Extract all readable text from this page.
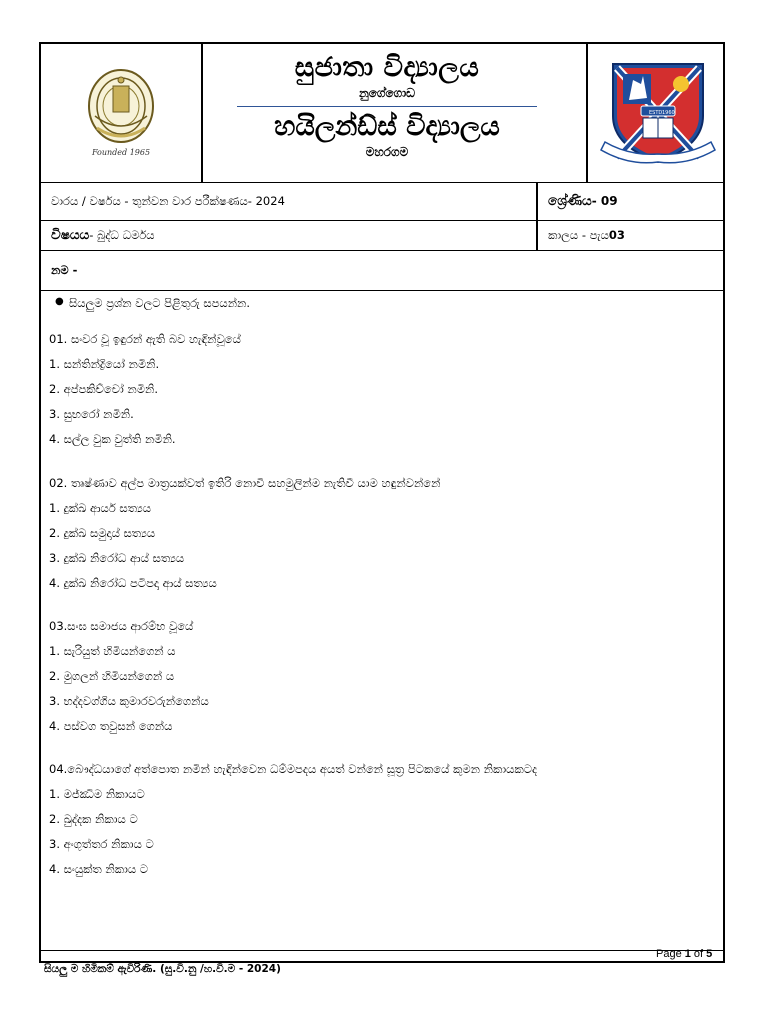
Founded 1965
සුජාතා විද්‍යාලය
නුගේගොඩ
හයිලන්ඩ්ස් විද්‍යාලය
මහරගම
ESTD 1960
වාරය / වර්ෂය - තුන්වන වාර පරීක්ෂණය- 2024	ශ්‍රේණිය - 09
විෂයය - බුද්ධ ධර්මය	කාලය - පැය 03
නම -
සියලුම ප්‍රශ්න වලට පිළිතුරු සපයන්න.
●
01. සංවර වූ ඉඳුරන් ඇති බව හැඳින්වූයේ
1. සන්තින්ද්‍රියෝ නමිනි.
2. අප්පකිච්චෝ නමිනි.
3. සුභරෝ නමිනි.
4. සල්ල වුක වුත්ති නමිනි.
02. තෘෂ්ණාව අල්ප මාත්‍රයක්වත් ඉතිරි නොවී සහමුලින්ම නැතිවී යාම හඳුන්වන්නේ
1. දුක්ඛ ආර්ය සත්‍යය
2. දුක්ඛ සමුදාය් සත්‍යය
3. දුක්ඛ නිරෝධ ආය් සත්‍යය
4. දුක්ඛ නිරෝධ පටිපදා ආය් සත්‍යය
03.සංඝ සමාජය ආරම්භ වූයේ
1. සැරියුත් හිමියන්ගෙන් ය
2. මුගලන් හිමියන්ගෙන් ය
3. භද්දවග්ගිය කුමාරවරුන්ගෙන්ය
4. පස්වග තවුසන් ගෙන්ය
04.බෞද්ධයාගේ අත්පොත නමින් හැඳින්වෙන ධම්මපදය අයත් වන්නේ සූත්‍ර පිටකයේ කුමන නිකායකටද
1. මජ්ඣිම නිකායට
2. ඛුද්දක නිකාය ට
3. අංගුත්තර නිකාය ට
4. සංයුක්ත නිකාය ට
සියලු ම හිමිකම් ඇවිරිණි. (සු.වි.නු /හ.වි.ම - 2024)
Page 1 of 5
